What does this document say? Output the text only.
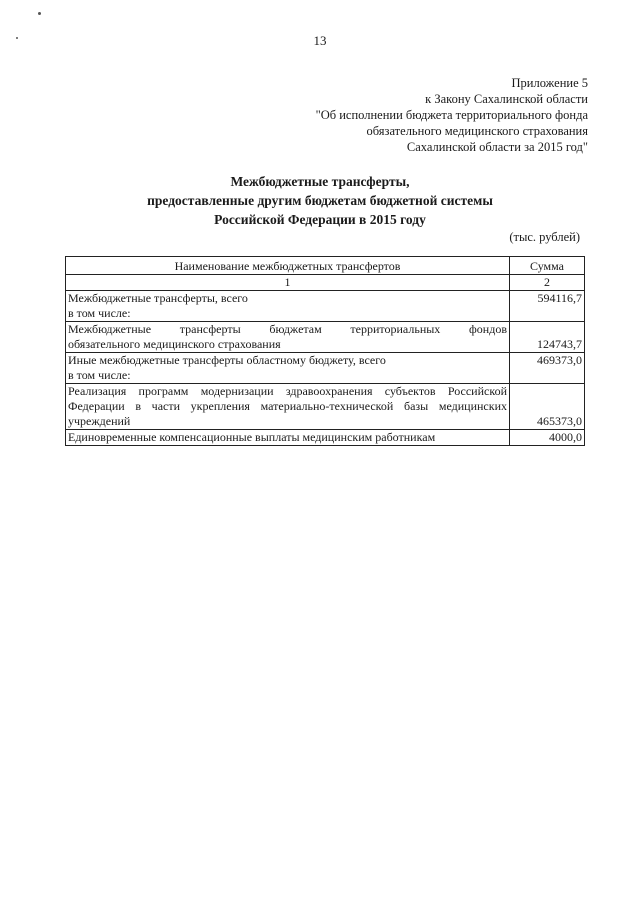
13
Приложение 5
к Закону Сахалинской области
"Об исполнении бюджета территориального фонда
обязательного медицинского страхования
Сахалинской области за 2015 год"
Межбюджетные трансферты,
предоставленные другим бюджетам бюджетной системы
Российской Федерации в 2015 году
(тыс. рублей)
Наименование межбюджетных трансфертов	Сумма
1	2

Межбюджетные трансферты, всего
в том числе:	594116,7

Межбюджетные трансферты бюджетам территориальных фондов
обязательного медицинского страхования	124743,7

Иные межбюджетные трансферты областному бюджету, всего
в том числе:	469373,0
Реализация программ модернизации здравоохранения субъектов Российской Федерации в части укрепления материально-технической базы медицинских учреждений	465373,0
Единовременные компенсационные выплаты медицинским работникам	4000,0
